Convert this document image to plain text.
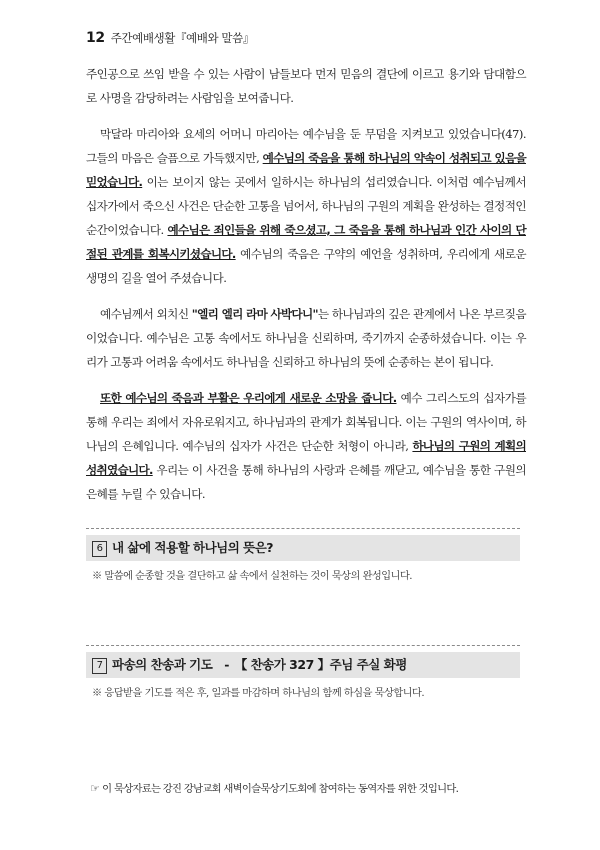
12 주간예배생활『예배와 말씀』

주인공으로 쓰임 받을 수 있는 사람이 남들보다 먼저 믿음의 결단에 이르고 용기와 담대함으로 사명을 감당하려는 사람임을 보여줍니다.

막달라 마리아와 요세의 어머니 마리아는 예수님을 둔 무덤을 지켜보고 있었습니다(47). 그들의 마음은 슬픔으로 가득했지만, 예수님의 죽음을 통해 하나님의 약속이 성취되고 있음을 믿었습니다. 이는 보이지 않는 곳에서 일하시는 하나님의 섭리였습니다. 이처럼 예수님께서 십자가에서 죽으신 사건은 단순한 고통을 넘어서, 하나님의 구원의 계획을 완성하는 결정적인 순간이었습니다. 예수님은 죄인들을 위해 죽으셨고, 그 죽음을 통해 하나님과 인간 사이의 단절된 관계를 회복시키셨습니다. 예수님의 죽음은 구약의 예언을 성취하며, 우리에게 새로운 생명의 길을 열어 주셨습니다.

예수님께서 외치신 "엘리 엘리 라마 사박다니"는 하나님과의 깊은 관계에서 나온 부르짖음이었습니다. 예수님은 고통 속에서도 하나님을 신뢰하며, 죽기까지 순종하셨습니다. 이는 우리가 고통과 어려움 속에서도 하나님을 신뢰하고 하나님의 뜻에 순종하는 본이 됩니다.

또한 예수님의 죽음과 부활은 우리에게 새로운 소망을 줍니다. 예수 그리스도의 십자가를 통해 우리는 죄에서 자유로워지고, 하나님과의 관계가 회복됩니다. 이는 구원의 역사이며, 하나님의 은혜입니다. 예수님의 십자가 사건은 단순한 처형이 아니라, 하나님의 구원의 계획의 성취였습니다. 우리는 이 사건을 통해 하나님의 사랑과 은혜를 깨닫고, 예수님을 통한 구원의 은혜를 누릴 수 있습니다.

6 내 삶에 적용할 하나님의 뜻은?
※ 말씀에 순종할 것을 결단하고 삶 속에서 실천하는 것이 묵상의 완성입니다.
7 파송의 찬송과 기도　-　【 찬송가 327 】주님 주실 화평
※ 응답받을 기도를 적은 후, 일과를 마감하며 하나님의 함께 하심을 묵상합니다.
☞ 이 묵상자료는 강진 강남교회 새벽이슬묵상기도회에 참여하는 동역자를 위한 것입니다.
